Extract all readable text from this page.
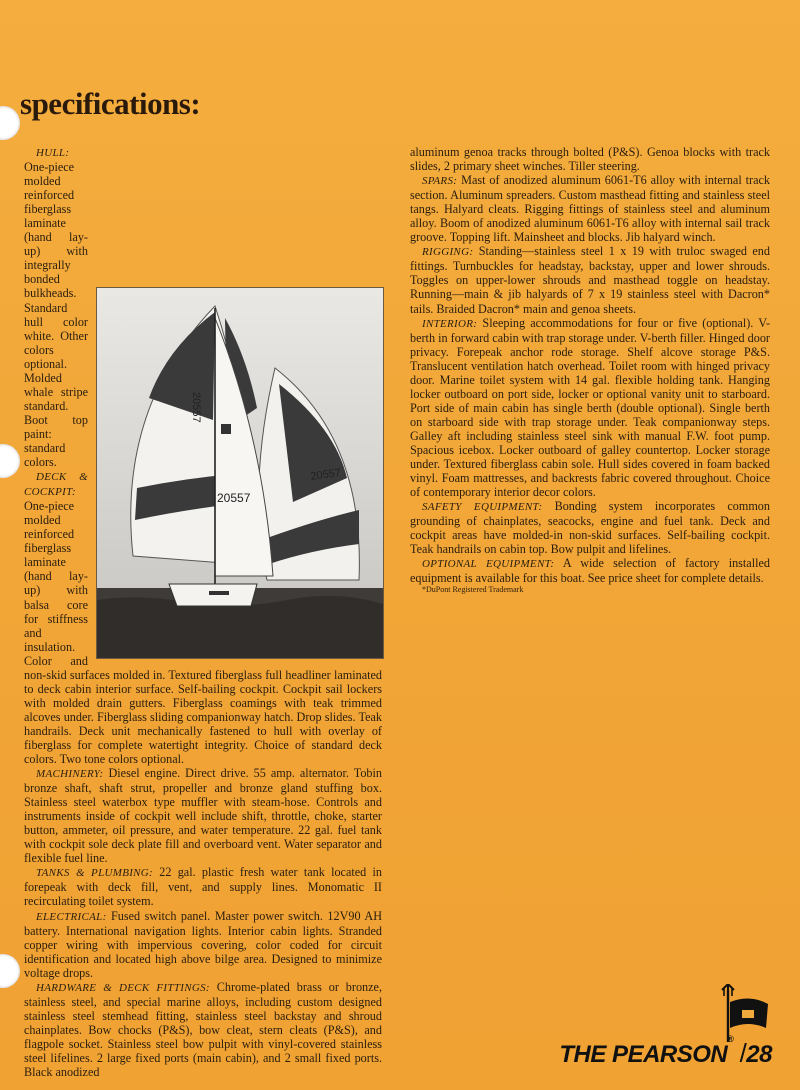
specifications:
20557
20557
20557

HULL: One-piece molded reinforced fiberglass laminate (hand lay-up) with integrally bonded bulkheads. Standard hull color white. Other colors optional. Molded whale stripe standard. Boot top paint: standard colors.

DECK & COCKPIT: One-piece molded reinforced fiberglass laminate (hand lay-up) with balsa core for stiffness and insulation. Color and non-skid surfaces molded in. Textured fiberglass full headliner laminated to deck cabin interior surface. Self-bailing cockpit. Cockpit sail lockers with molded drain gutters. Fiberglass coamings with teak trimmed alcoves under. Fiberglass sliding companionway hatch. Drop slides. Teak handrails. Deck unit mechanically fastened to hull with overlay of fiberglass for complete watertight integrity. Choice of standard deck colors. Two tone colors optional.

MACHINERY: Diesel engine. Direct drive. 55 amp. alternator. Tobin bronze shaft, shaft strut, propeller and bronze gland stuffing box. Stainless steel waterbox type muffler with steam-hose. Controls and instruments inside of cockpit well include shift, throttle, choke, starter button, ammeter, oil pressure, and water temperature. 22 gal. fuel tank with cockpit sole deck plate fill and overboard vent. Water separator and flexible fuel line.

TANKS & PLUMBING: 22 gal. plastic fresh water tank located in forepeak with deck fill, vent, and supply lines. Monomatic II recirculating toilet system.

ELECTRICAL: Fused switch panel. Master power switch. 12V90 AH battery. International navigation lights. Interior cabin lights. Stranded copper wiring with impervious covering, color coded for circuit identification and located high above bilge area. Designed to minimize voltage drops.

HARDWARE & DECK FITTINGS: Chrome-plated brass or bronze, stainless steel, and special marine alloys, including custom designed stainless steel stemhead fitting, stainless steel backstay and shroud chainplates. Bow chocks (P&S), bow cleat, stern cleats (P&S), and flagpole socket. Stainless steel bow pulpit with vinyl-covered stainless steel lifelines. 2 large fixed ports (main cabin), and 2 small fixed ports. Black anodized

aluminum genoa tracks through bolted (P&S). Genoa blocks with track slides, 2 primary sheet winches. Tiller steering.

SPARS: Mast of anodized aluminum 6061-T6 alloy with internal track section. Aluminum spreaders. Custom masthead fitting and stainless steel tangs. Halyard cleats. Rigging fittings of stainless steel and aluminum alloy. Boom of anodized aluminum 6061-T6 alloy with internal sail track groove. Topping lift. Mainsheet and blocks. Jib halyard winch.

RIGGING: Standing—stainless steel 1 x 19 with truloc swaged end fittings. Turnbuckles for headstay, backstay, upper and lower shrouds. Toggles on upper-lower shrouds and masthead toggle on headstay. Running—main & jib halyards of 7 x 19 stainless steel with Dacron* tails. Braided Dacron* main and genoa sheets.

INTERIOR: Sleeping accommodations for four or five (optional). V-berth in forward cabin with trap storage under. V-berth filler. Hinged door privacy. Forepeak anchor rode storage. Shelf alcove storage P&S. Translucent ventilation hatch overhead. Toilet room with hinged privacy door. Marine toilet system with 14 gal. flexible holding tank. Hanging locker outboard on port side, locker or optional vanity unit to starboard. Port side of main cabin has single berth (double optional). Single berth on starboard side with trap storage under. Teak companionway steps. Galley aft including stainless steel sink with manual F.W. foot pump. Spacious icebox. Locker outboard of galley countertop. Locker storage under. Textured fiberglass cabin sole. Hull sides covered in foam backed vinyl. Foam mattresses, and backrests fabric covered throughout. Choice of contemporary interior decor colors.

SAFETY EQUIPMENT: Bonding system incorporates common grounding of chainplates, seacocks, engine and fuel tank. Deck and cockpit areas have molded-in non-skid surfaces. Self-bailing cockpit. Teak handrails on cabin top. Bow pulpit and lifelines.

OPTIONAL EQUIPMENT: A wide selection of factory installed equipment is available for this boat. See price sheet for complete details.

*DuPont Registered Trademark

THE PEARSON® /28
